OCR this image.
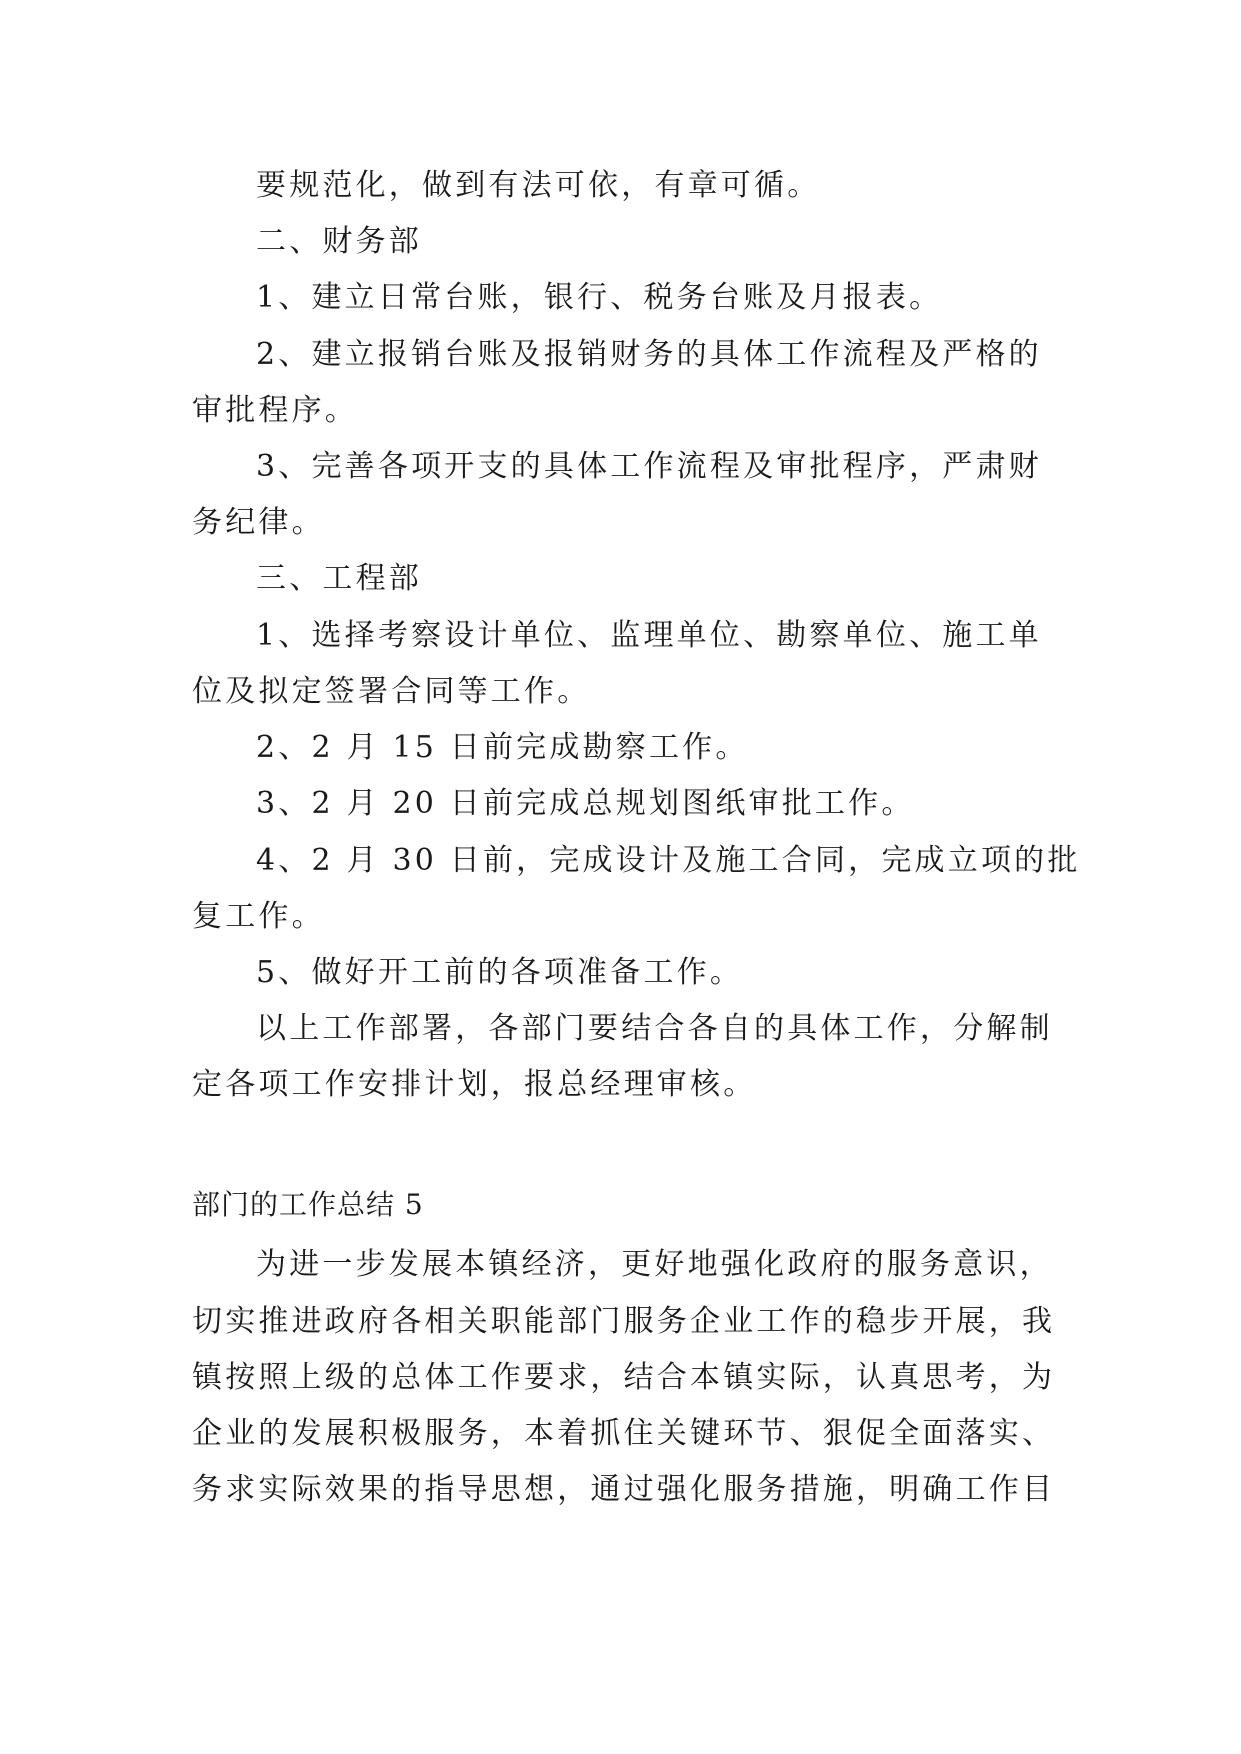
要规范化，做到有法可依，有章可循。
二、财务部
1、建立日常台账，银行、税务台账及月报表。
2、建立报销台账及报销财务的具体工作流程及严格的
审批程序。
3、完善各项开支的具体工作流程及审批程序，严肃财
务纪律。
三、工程部
1、选择考察设计单位、监理单位、勘察单位、施工单
位及拟定签署合同等工作。
2、2 月 15 日前完成勘察工作。
3、2 月 20 日前完成总规划图纸审批工作。
4、2 月 30 日前，完成设计及施工合同，完成立项的批
复工作。
5、做好开工前的各项准备工作。
以上工作部署，各部门要结合各自的具体工作，分解制
定各项工作安排计划，报总经理审核。
部门的工作总结 5
为进一步发展本镇经济，更好地强化政府的服务意识，
切实推进政府各相关职能部门服务企业工作的稳步开展，我
镇按照上级的总体工作要求，结合本镇实际，认真思考，为
企业的发展积极服务，本着抓住关键环节、狠促全面落实、
务求实际效果的指导思想，通过强化服务措施，明确工作目
